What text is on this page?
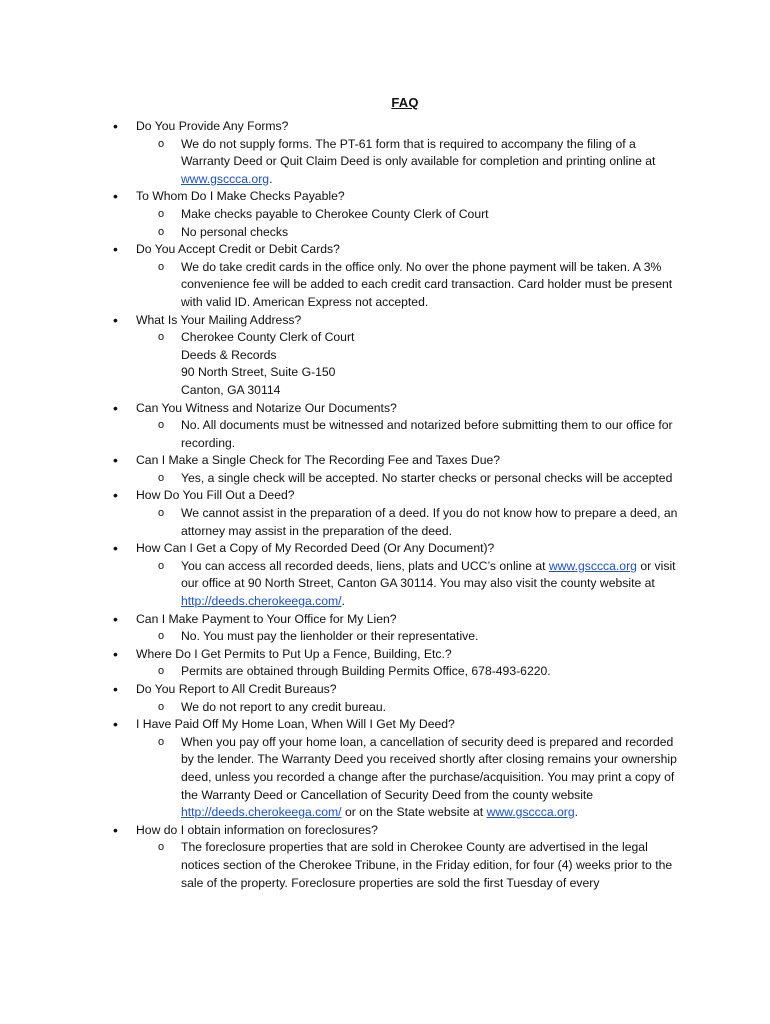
FAQ
• Do You Provide Any Forms?
o We do not supply forms. The PT-61 form that is required to accompany the filing of a Warranty Deed or Quit Claim Deed is only available for completion and printing online at www.gsccca.org.
• To Whom Do I Make Checks Payable?
o Make checks payable to Cherokee County Clerk of Court
o No personal checks
• Do You Accept Credit or Debit Cards?
o We do take credit cards in the office only. No over the phone payment will be taken. A 3% convenience fee will be added to each credit card transaction. Card holder must be present with valid ID. American Express not accepted.
• What Is Your Mailing Address?
o Cherokee County Clerk of Court
Deeds & Records
90 North Street, Suite G-150
Canton, GA 30114
• Can You Witness and Notarize Our Documents?
o No. All documents must be witnessed and notarized before submitting them to our office for recording.
• Can I Make a Single Check for The Recording Fee and Taxes Due?
o Yes, a single check will be accepted. No starter checks or personal checks will be accepted
• How Do You Fill Out a Deed?
o We cannot assist in the preparation of a deed. If you do not know how to prepare a deed, an attorney may assist in the preparation of the deed.
• How Can I Get a Copy of My Recorded Deed (Or Any Document)?
o You can access all recorded deeds, liens, plats and UCC’s online at www.gsccca.org or visit our office at 90 North Street, Canton GA 30114. You may also visit the county website at http://deeds.cherokeega.com/.
• Can I Make Payment to Your Office for My Lien?
o No. You must pay the lienholder or their representative.
• Where Do I Get Permits to Put Up a Fence, Building, Etc.?
o Permits are obtained through Building Permits Office, 678-493-6220.
• Do You Report to All Credit Bureaus?
o We do not report to any credit bureau.
• I Have Paid Off My Home Loan, When Will I Get My Deed?
o When you pay off your home loan, a cancellation of security deed is prepared and recorded by the lender. The Warranty Deed you received shortly after closing remains your ownership deed, unless you recorded a change after the purchase/acquisition. You may print a copy of the Warranty Deed or Cancellation of Security Deed from the county website http://deeds.cherokeega.com/ or on the State website at www.gsccca.org.
• How do I obtain information on foreclosures?
o The foreclosure properties that are sold in Cherokee County are advertised in the legal notices section of the Cherokee Tribune, in the Friday edition, for four (4) weeks prior to the sale of the property. Foreclosure properties are sold the first Tuesday of every
